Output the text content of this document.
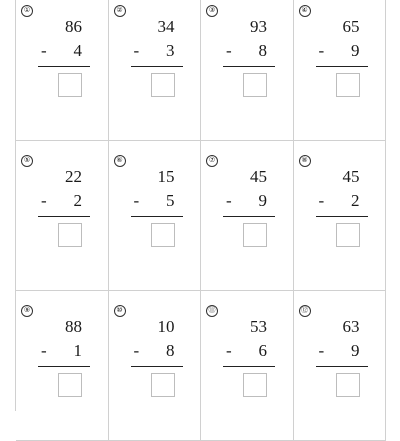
①
86
-	4
②
34
-	3
③
93
-	8
④
65
-	9
⑤
22
-	2
⑥
15
-	5
⑦
45
-	9
⑧
45
-	2
⑨
88
-	1
⑩
10
-	8
⑪
53
-	6
⑫
63
-	9
